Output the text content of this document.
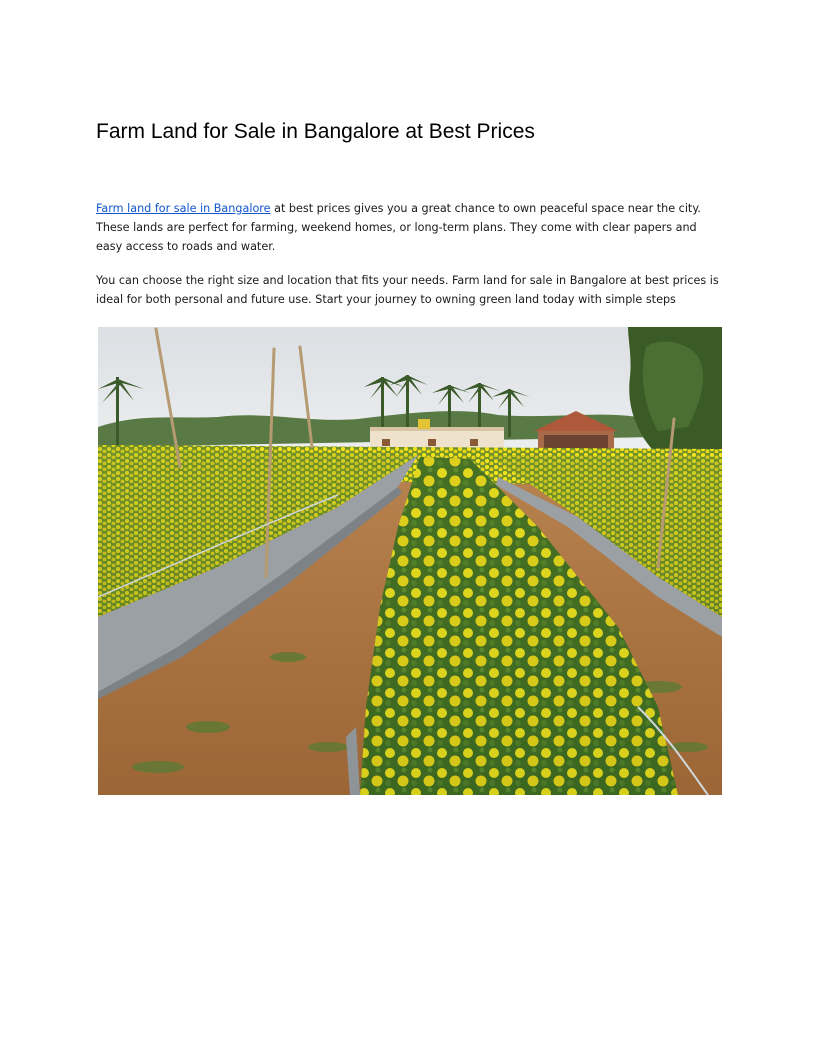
Farm Land for Sale in Bangalore at Best Prices

Farm land for sale in Bangalore at best prices gives you a great chance to own peaceful space near the city. These lands are perfect for farming, weekend homes, or long-term plans. They come with clear papers and easy access to roads and water.

You can choose the right size and location that fits your needs. Farm land for sale in Bangalore at best prices is ideal for both personal and future use. Start your journey to owning green land today with simple steps
